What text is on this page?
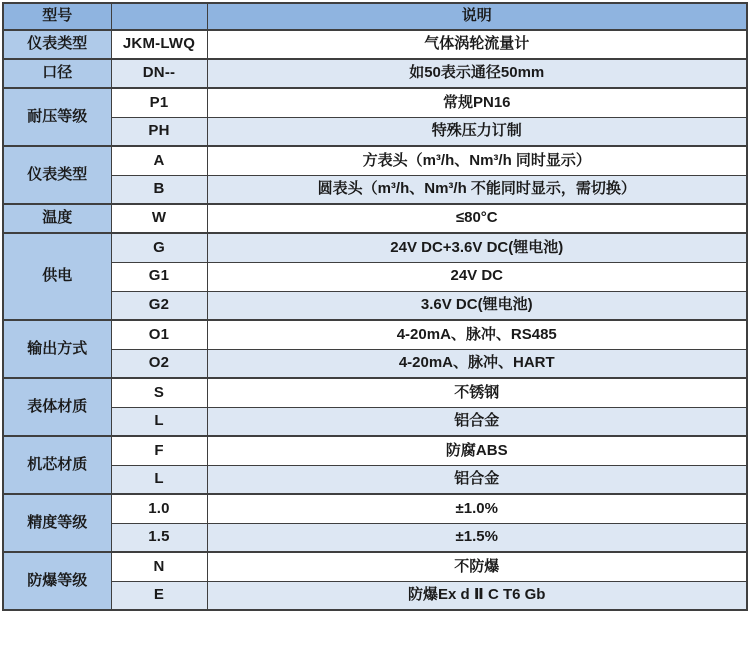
型号		说明
仪表类型	JKM-LWQ	气体涡轮流量计
口径	DN--	如50表示通径50mm
耐压等级	P1	常规PN16
	PH	特殊压力订制
仪表类型	A	方表头（m³/h、Nm³/h 同时显示）
	B	圆表头（m³/h、Nm³/h 不能同时显示，需切换）
温度	W	≤80°C
供电	G	24V DC+3.6V DC(锂电池)
	G1	24V DC
	G2	3.6V DC(锂电池)
输出方式	O1	4-20mA、脉冲、RS485
	O2	4-20mA、脉冲、HART
表体材质	S	不锈钢
	L	铝合金
机芯材质	F	防腐ABS
	L	铝合金
精度等级	1.0	±1.0%
	1.5	±1.5%
防爆等级	N	不防爆
	E	防爆Ex d Ⅱ C T6 Gb
